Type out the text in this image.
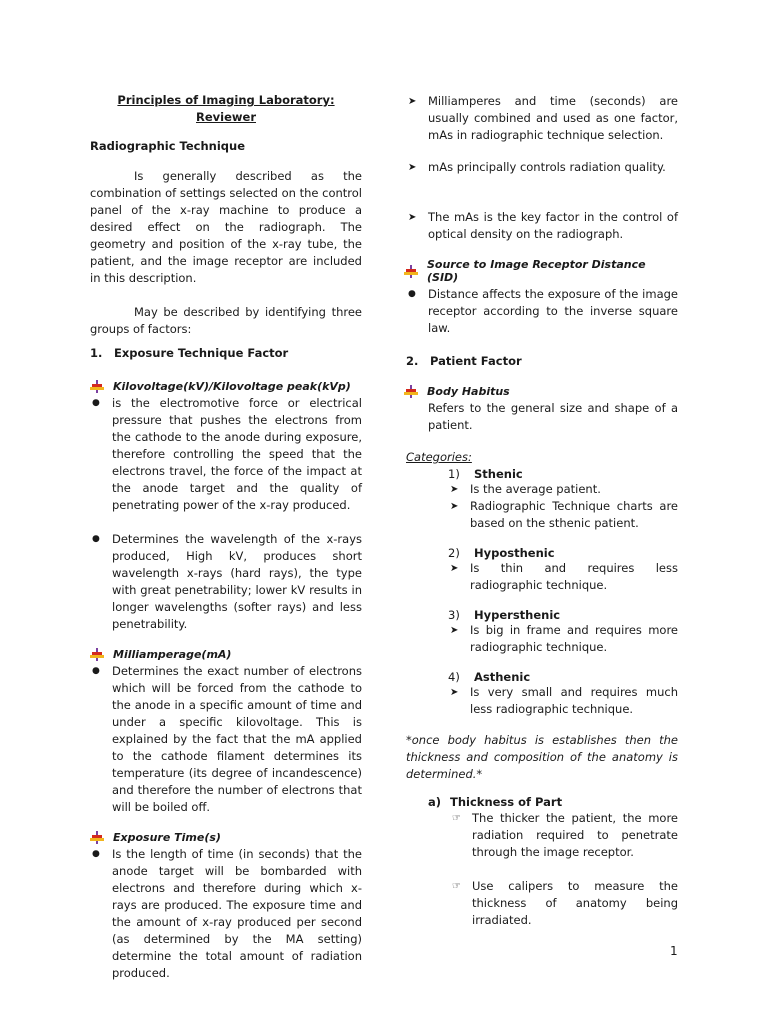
Principles of Imaging Laboratory: Reviewer

Radiographic Technique

Is generally described as the combination of settings selected on the control panel of the x-ray machine to produce a desired effect on the radiograph. The geometry and position of the x-ray tube, the patient, and the image receptor are included in this description.

May be described by identifying three groups of factors:

1.	Exposure Technique Factor
Kilovoltage(kV)/Kilovoltage peak(kVp)
●	is the electromotive force or electrical pressure that pushes the electrons from the cathode to the anode during exposure, therefore controlling the speed that the electrons travel, the force of the impact at the anode target and the quality of penetrating power of the x-ray produced.
●	Determines the wavelength of the x-rays produced, High kV, produces short wavelength x-rays (hard rays), the type with great penetrability; lower kV results in longer wavelengths (softer rays) and less penetrability.
Milliamperage(mA)
●	Determines the exact number of electrons which will be forced from the cathode to the anode in a specific amount of time and under a specific kilovoltage. This is explained by the fact that the mA applied to the cathode filament determines its temperature (its degree of incandescence) and therefore the number of electrons that will be boiled off.
Exposure Time(s)
●	Is the length of time (in seconds) that the anode target will be bombarded with electrons and therefore during which x-rays are produced. The exposure time and the amount of x-ray produced per second (as determined by the MA setting) determine the total amount of radiation produced.
➤	Milliamperes and time (seconds) are usually combined and used as one factor, mAs in radiographic technique selection.
➤	mAs principally controls radiation quality.
➤	The mAs is the key factor in the control of optical density on the radiograph.
Source to Image Receptor Distance (SID)
●	Distance affects the exposure of the image receptor according to the inverse square law.
2.	Patient Factor
Body Habitus

Refers to the general size and shape of a patient.

Categories:

1)	Sthenic
➤	Is the average patient.
➤	Radiographic Technique charts are based on the sthenic patient.
2)	Hyposthenic
➤	Is thin and requires less radiographic technique.
3)	Hypersthenic
➤	Is big in frame and requires more radiographic technique.
4)	Asthenic
➤	Is very small and requires much less radiographic technique.

*once body habitus is establishes then the thickness and composition of the anatomy is determined.*

a) Thickness of Part
☞ The thicker the patient, the more radiation required to penetrate through the image receptor.
☞ Use calipers to measure the thickness of anatomy being irradiated.
1
